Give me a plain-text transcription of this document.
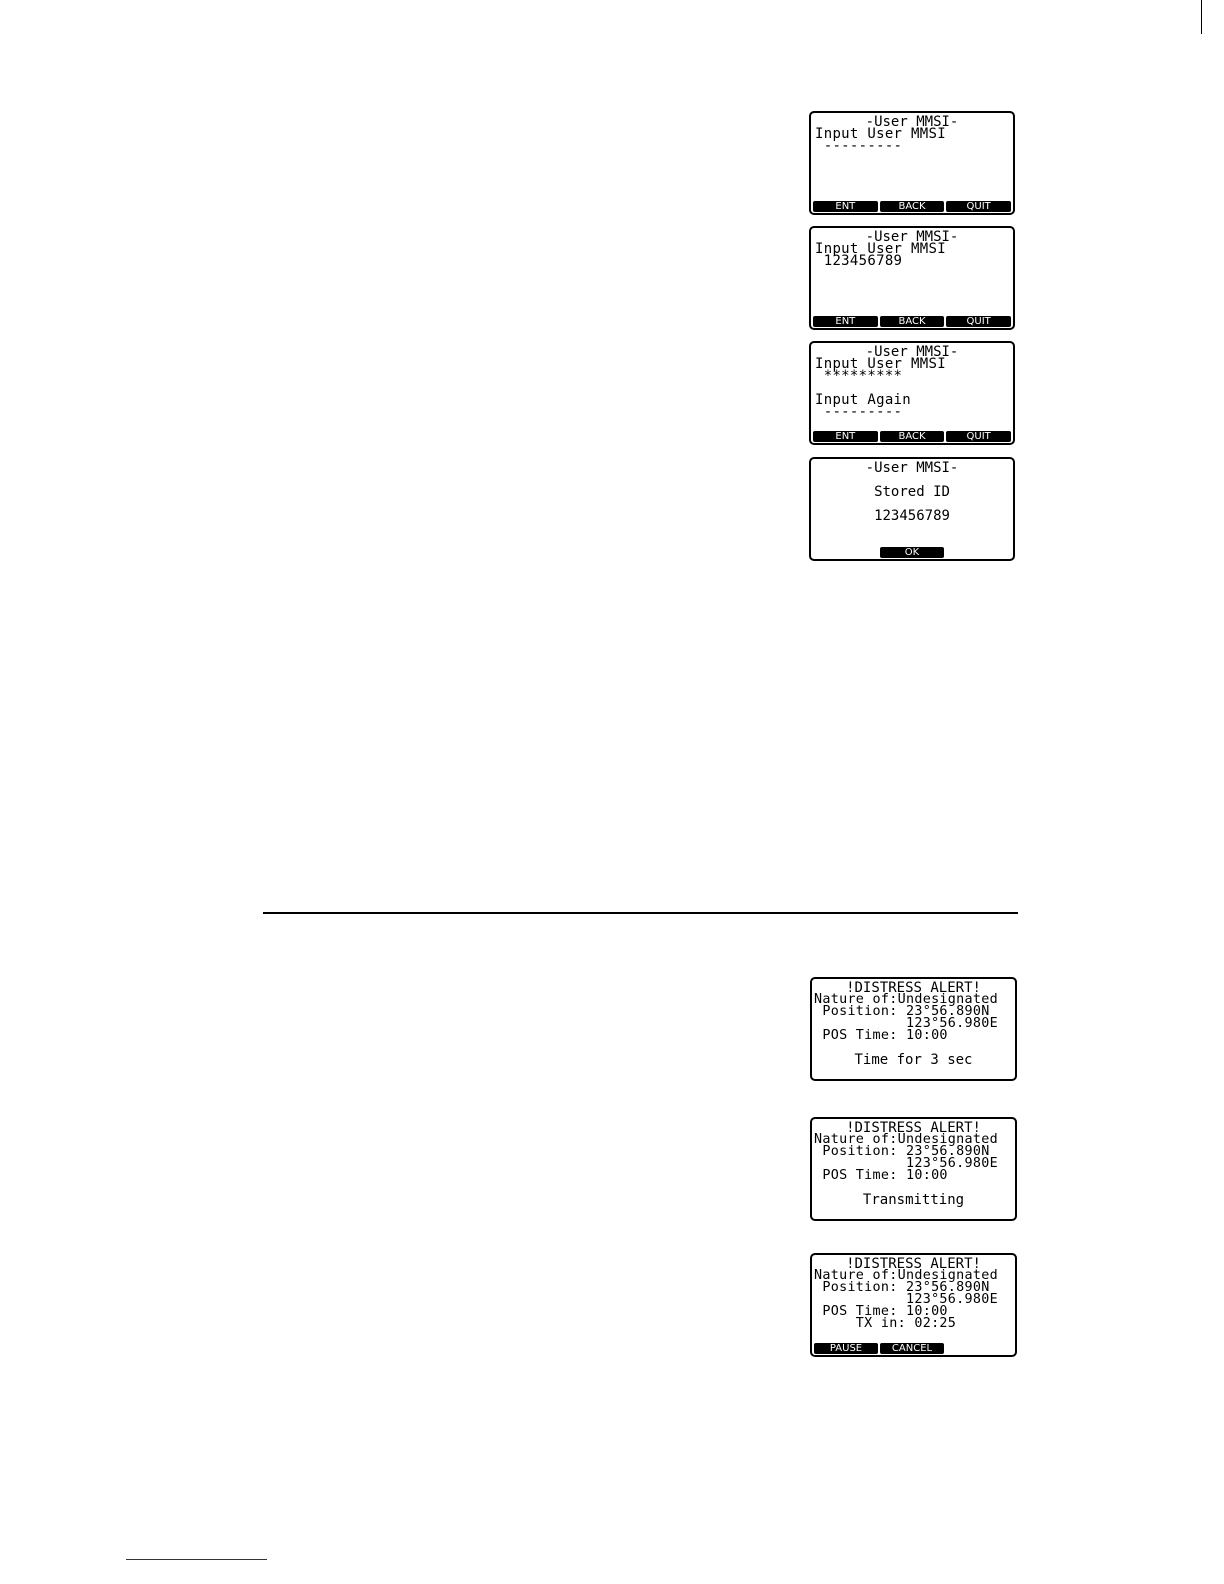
-User MMSI-
Input User MMSI
---------
ENT	BACK	QUIT
-User MMSI-
Input User MMSI
123456789
ENT	BACK	QUIT
-User MMSI-
Input User MMSI
*********
Input Again
---------
ENT	BACK	QUIT
-User MMSI-
Stored ID
123456789
OK
!DISTRESS ALERT!
Nature of:Undesignated
Position: 23°56.890N
123°56.980E
POS Time: 10:00
Time for 3 sec
!DISTRESS ALERT!
Nature of:Undesignated
Position: 23°56.890N
123°56.980E
POS Time: 10:00
Transmitting
!DISTRESS ALERT!
Nature of:Undesignated
Position: 23°56.890N
123°56.980E
POS Time: 10:00
TX in: 02:25
PAUSE	CANCEL
